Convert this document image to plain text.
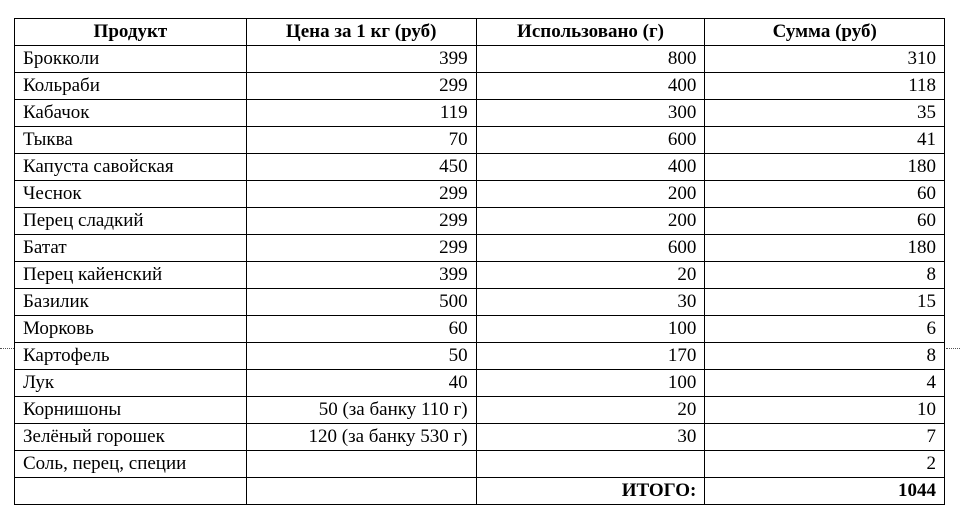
Продукт	Цена за 1 кг (руб)	Использовано (г)	Сумма (руб)
Брокколи	399	800	310
Кольраби	299	400	118
Кабачок	119	300	35
Тыква	70	600	41
Капуста савойская	450	400	180
Чеснок	299	200	60
Перец сладкий	299	200	60
Батат	299	600	180
Перец кайенский	399	20	8
Базилик	500	30	15
Морковь	60	100	6
Картофель	50	170	8
Лук	40	100	4
Корнишоны	50 (за банку 110 г)	20	10
Зелёный горошек	120 (за банку 530 г)	30	7
Соль, перец, специи			2
		ИТОГО:	1044
